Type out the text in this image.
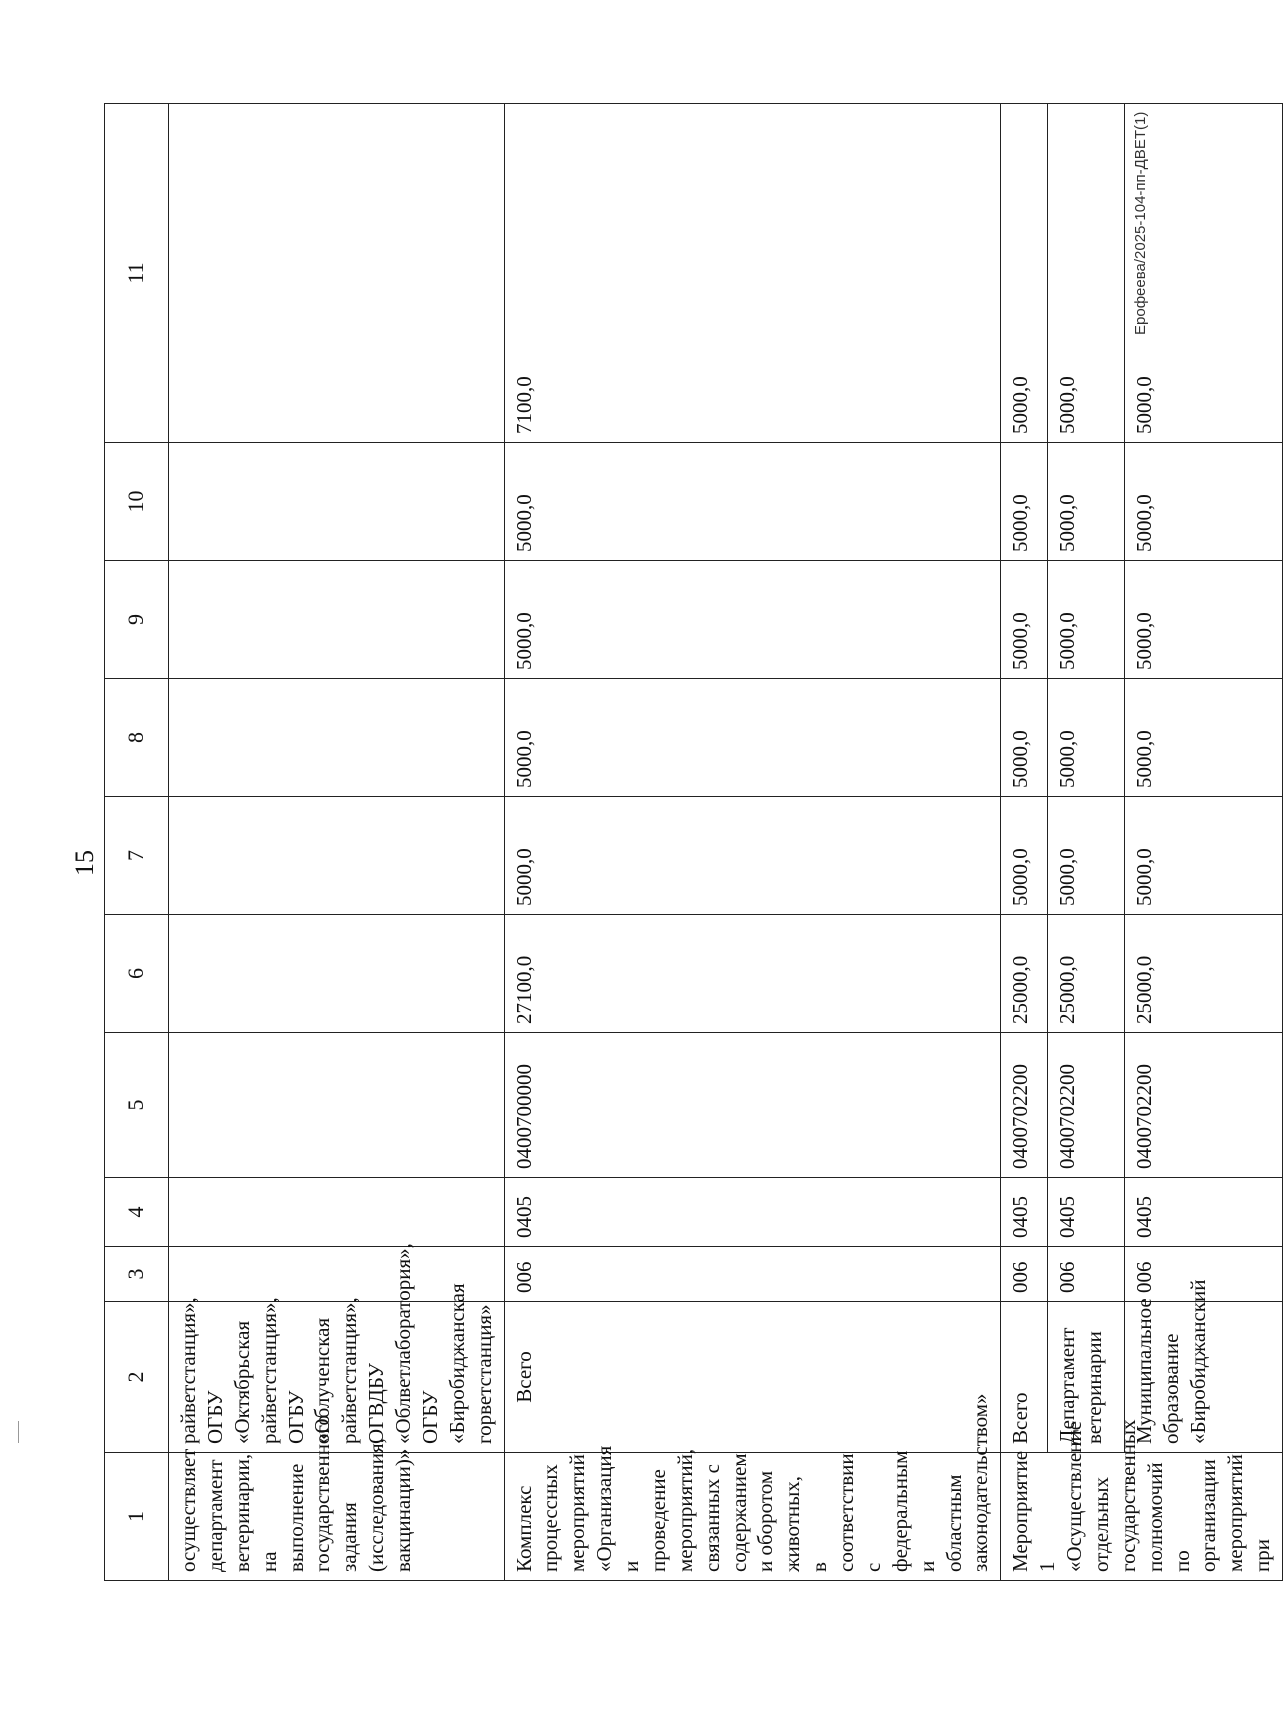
15
1	2	3	4	5	6	7	8	9	10	11
осуществляет департамент ветеринарии, на выполнение государственного задания (исследования, вакцинации)»	райветстанция», ОГБУ «Октябрьская райветстанция», ОГБУ «Облученская райветстанция», ОГВДБУ «Облветлаборатория», ОГБУ «Биробиджанская горветстанция»									
Комплекс процессных мероприятий «Организация и проведение мероприятий, связанных с содержанием и оборотом животных, в соответствии с федеральным и областным законодательством»	Всего	006	0405	0400700000	27100,0	5000,0	5000,0	5000,0	5000,0	7100,0
Мероприятие 1 «Осуществление отдельных государственных полномочий по организации мероприятий при	Всего	006	0405	0400702200	25000,0	5000,0	5000,0	5000,0	5000,0	5000,0
	Департамент ветеринарии	006	0405	0400702200	25000,0	5000,0	5000,0	5000,0	5000,0	5000,0
	Муниципальное образование «Биробиджанский	006	0405	0400702200	25000,0	5000,0	5000,0	5000,0	5000,0	5000,0
Ерофеева/2025-104-пп-ДВЕТ(1)
